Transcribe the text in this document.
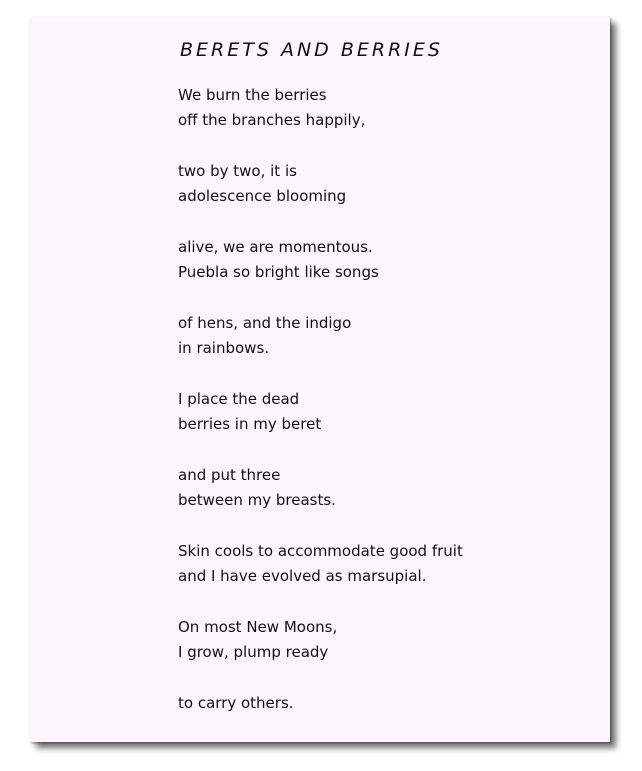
BERETS AND BERRIES
We burn the berries
off the branches happily,
two by two, it is
adolescence blooming
alive, we are momentous.
Puebla so bright like songs
of hens, and the indigo
in rainbows.
I place the dead
berries in my beret
and put three
between my breasts.
Skin cools to accommodate good fruit
and I have evolved as marsupial.
On most New Moons,
I grow, plump ready
to carry others.
